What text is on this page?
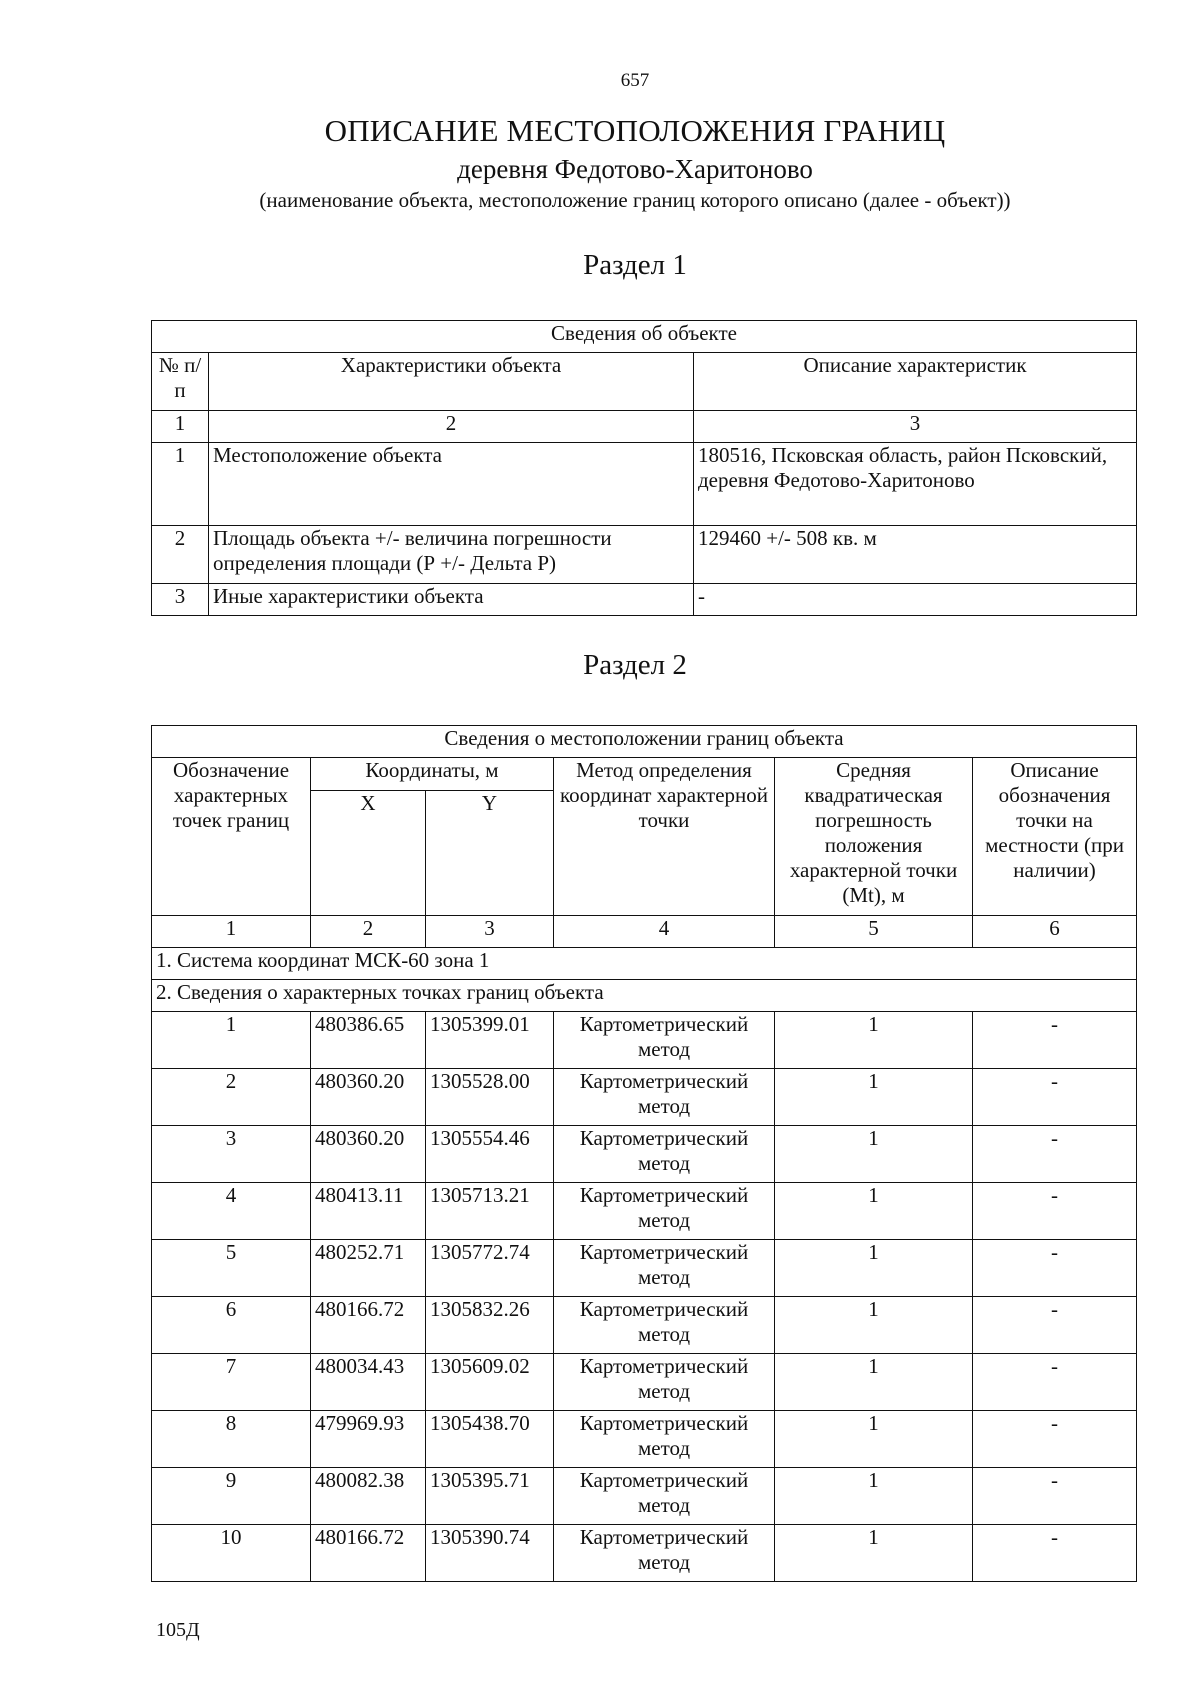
657
ОПИСАНИЕ МЕСТОПОЛОЖЕНИЯ ГРАНИЦ
деревня Федотово-Харитоново
(наименование объекта, местоположение границ которого описано (далее - объект))
Раздел 1
Сведения об объекте		
№ п/п	Характеристики объекта	Описание характеристик
1	2	3
1	Местоположение объекта	180516, Псковская область, район Псковский, деревня Федотово-Харитоново
2	Площадь объекта +/- величина погрешности определения площади (Р +/- Дельта Р)	129460 +/- 508 кв. м
3	Иные характеристики объекта	-
Раздел 2
Сведения о местоположении границ объекта					
Обозначение характерных точек границ	Координаты, м		Метод определения координат характерной точки	Средняя квадратическая погрешность положения характерной точки (Mt), м	Описание обозначения точки на местности (при наличии)
	X	Y			
1	2	3	4	5	6
1. Система координат МСК-60 зона 1					
2. Сведения о характерных точках границ объекта					
1	480386.65	1305399.01	Картометрический метод	1	-
2	480360.20	1305528.00	Картометрический метод	1	-
3	480360.20	1305554.46	Картометрический метод	1	-
4	480413.11	1305713.21	Картометрический метод	1	-
5	480252.71	1305772.74	Картометрический метод	1	-
6	480166.72	1305832.26	Картометрический метод	1	-
7	480034.43	1305609.02	Картометрический метод	1	-
8	479969.93	1305438.70	Картометрический метод	1	-
9	480082.38	1305395.71	Картометрический метод	1	-
10	480166.72	1305390.74	Картометрический метод	1	-
105Д
